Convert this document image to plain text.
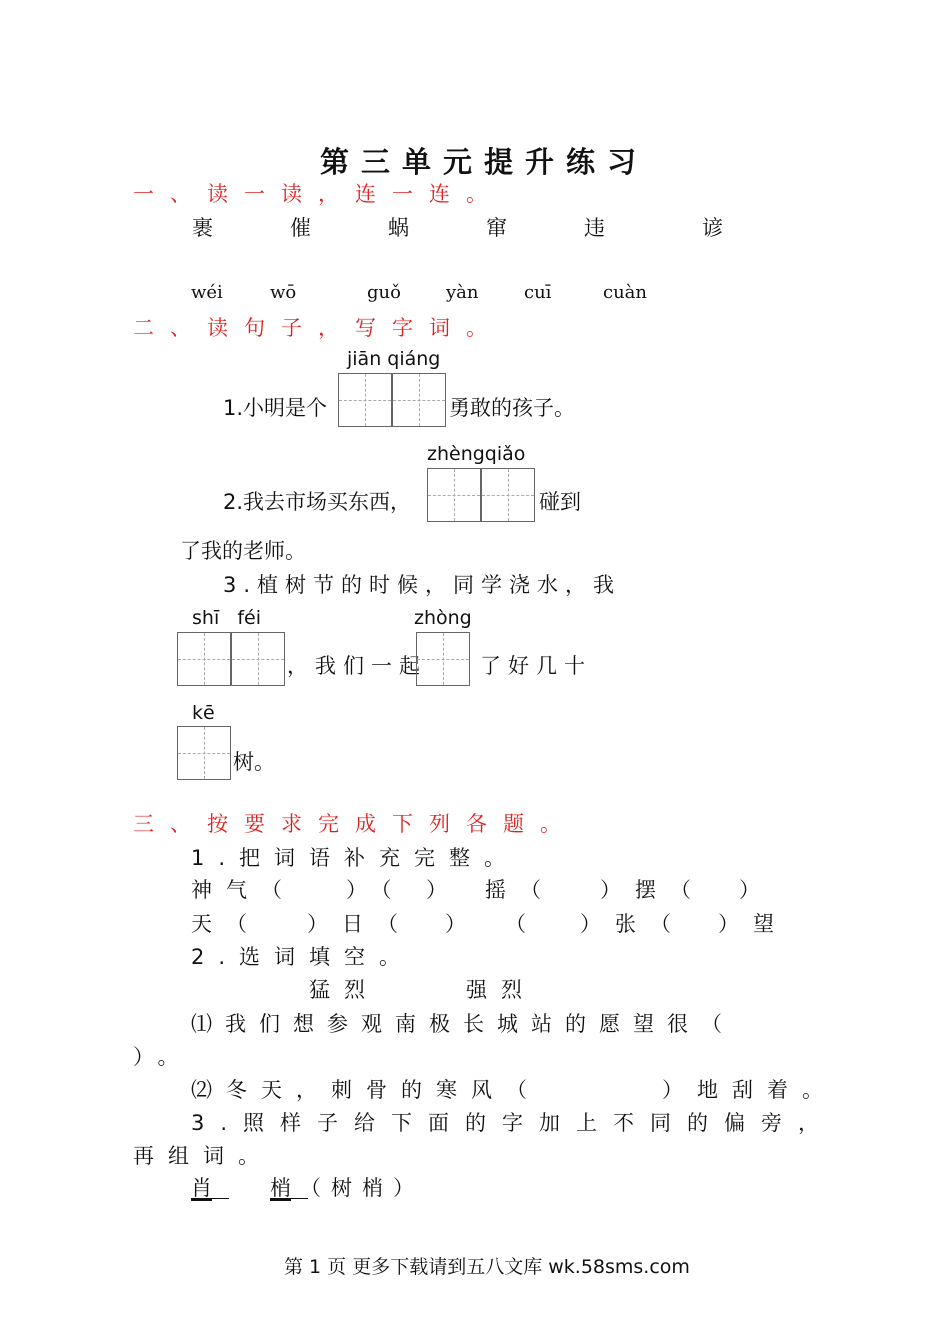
第三单元提升练习
一、读一读，连一连。
裹	催	蜗	窜	违	谚
wéi	wō	guǒ	yàn	cuī	cuàn
二、读句子，写字词。
jiān qiáng
1.小明是个	勇敢的孩子。
zhèngqiǎo
2.我去市场买东西，	碰到
了我的老师。
3.植树节的时候，同学浇水，我
shī   féi
，我们一起
zhòng
了好几十
kē
树。
三、按要求完成下列各题。
1.把词语补充完整。
神气（ ）（ ） 摇（ ）摆（ ）
天（ ）日（ ） （ ）张（ ）望
2.选词填空。
猛烈	强烈
⑴我们想参观南极长城站的愿望很（
）。
⑵冬天，刺骨的寒风（	）地刮着。
3.照样子给下面的字加上不同的偏旁，
再组词。
肖	梢 （树梢）
第 1 页 更多下载请到五八文库 wk.58sms.com
